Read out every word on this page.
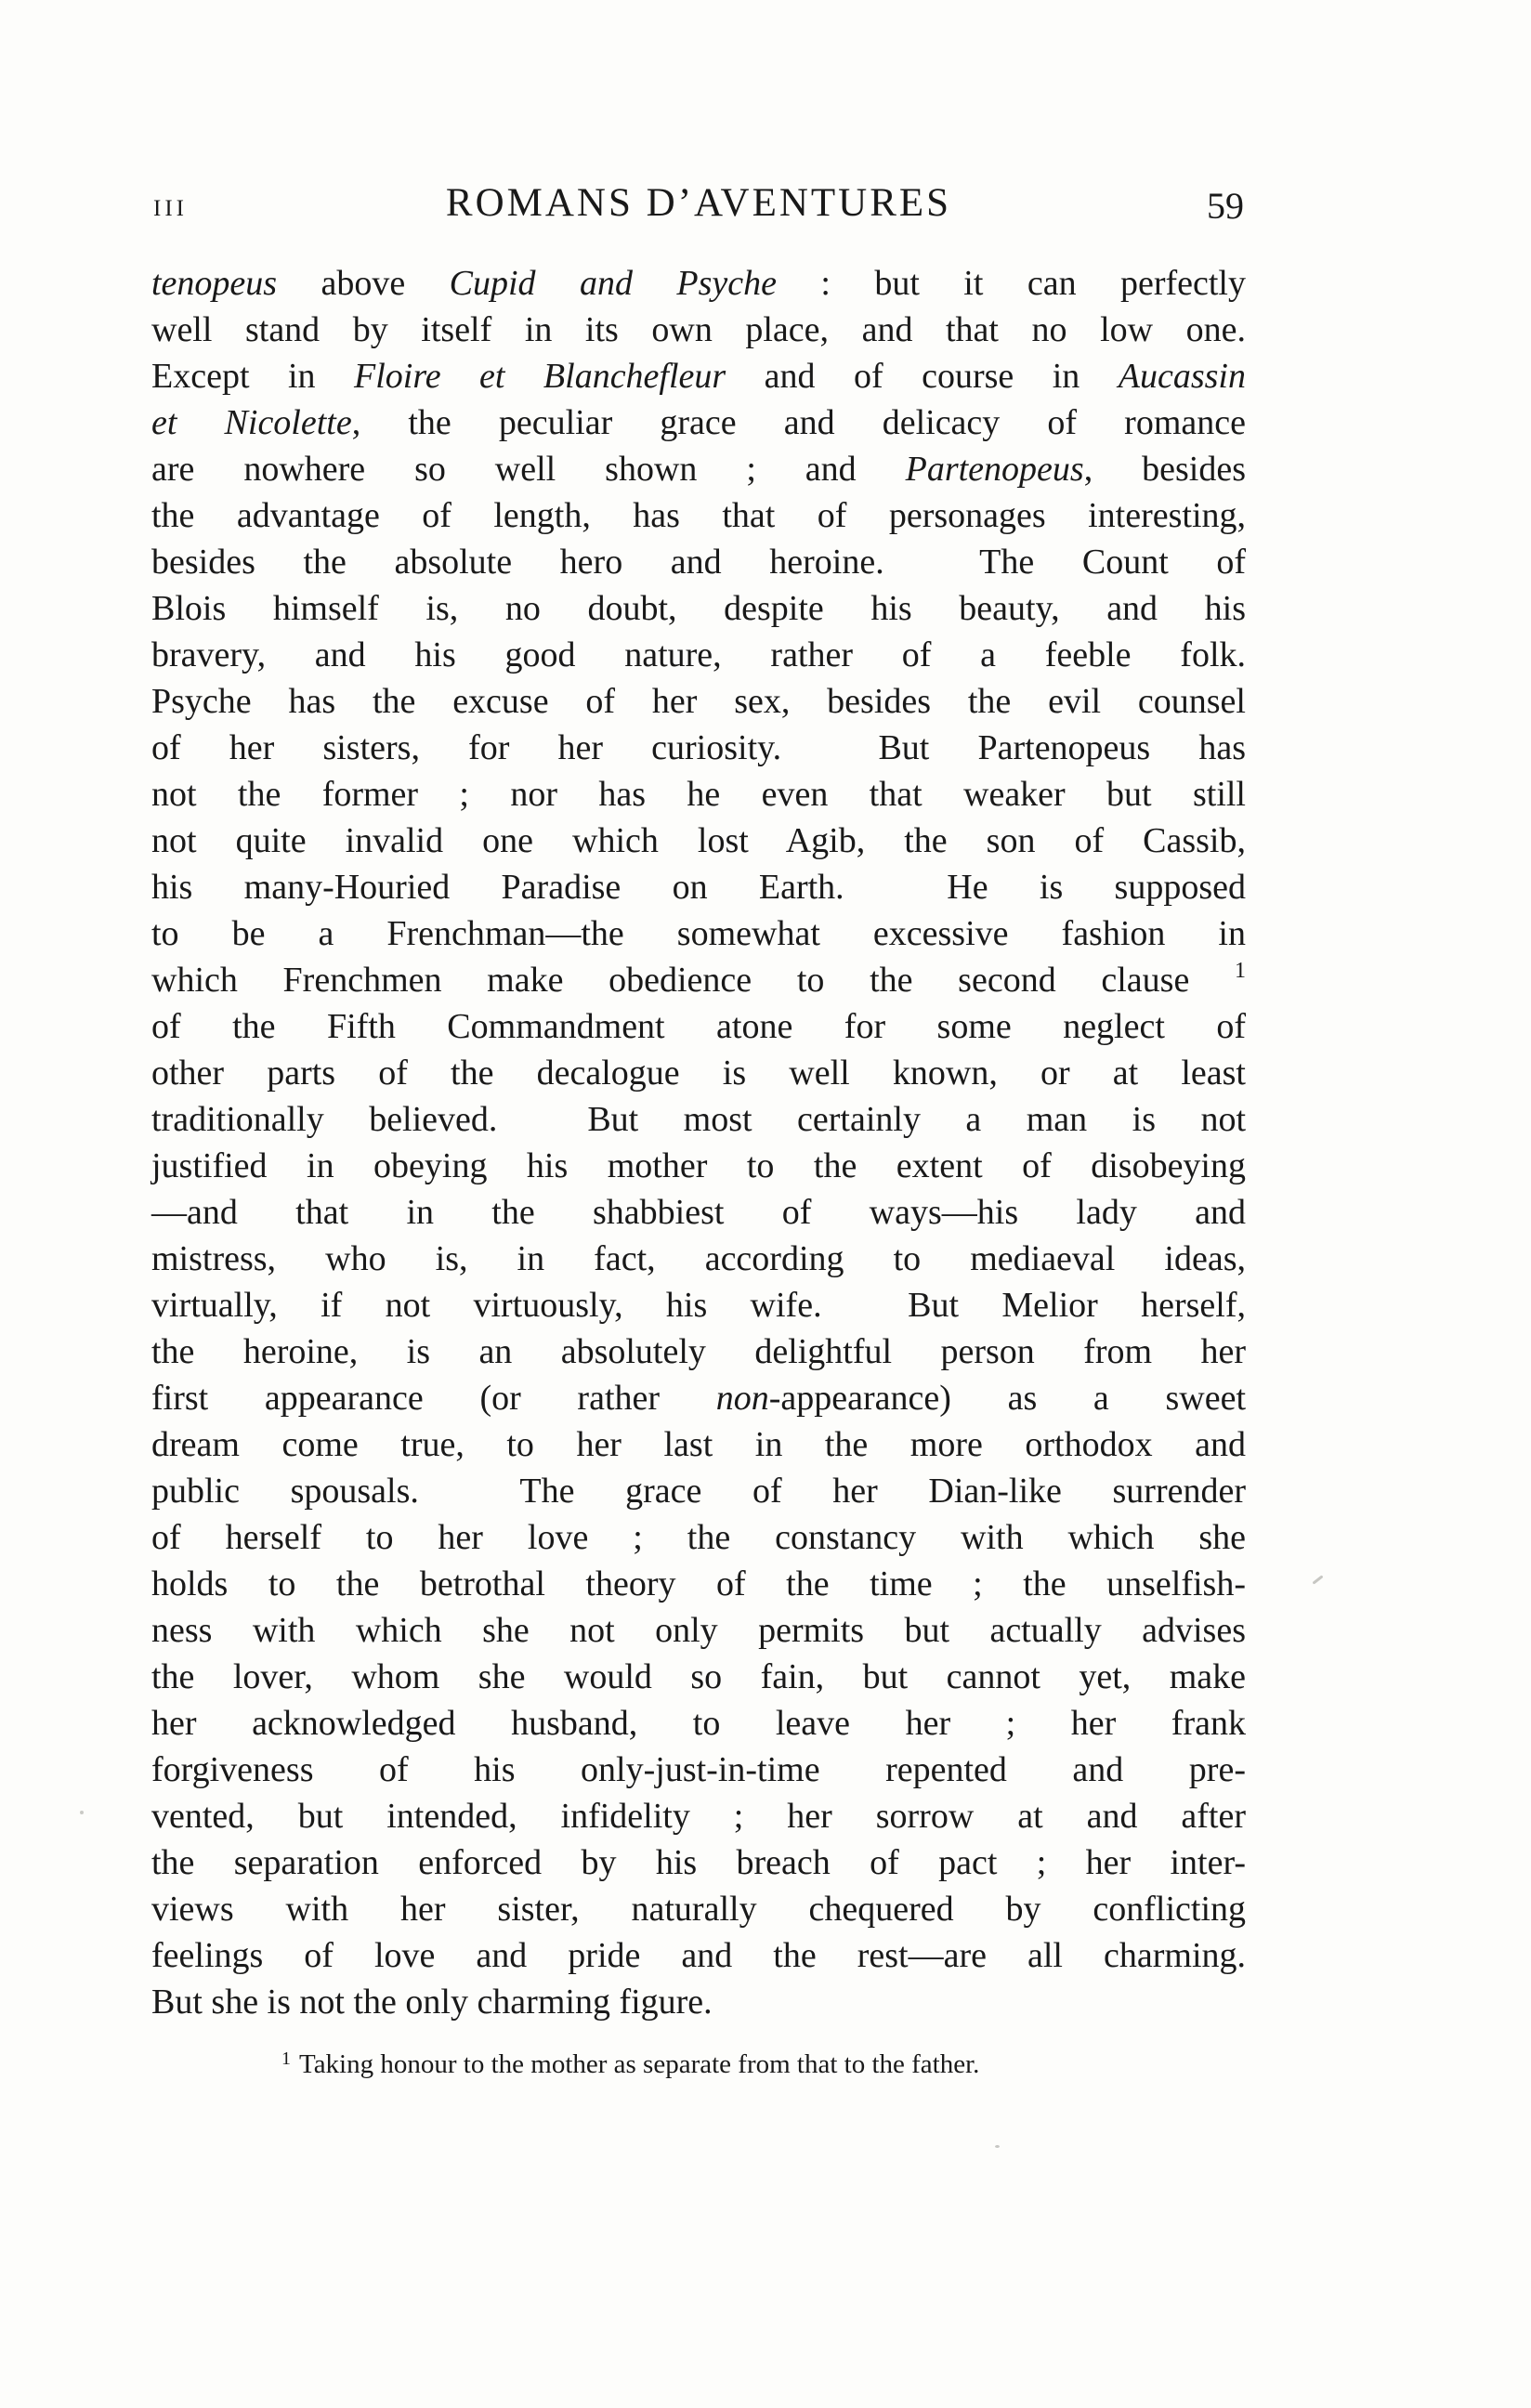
III	ROMANS D’AVENTURES	59
tenopeus above Cupid and Psyche : but it can perfectly
well stand by itself in its own place, and that no low one.
Except in Floire et Blanchefleur and of course in Aucassin
et Nicolette, the peculiar grace and delicacy of romance
are nowhere so well shown ; and Partenopeus, besides
the advantage of length, has that of personages interesting,
besides the absolute hero and heroine.  The Count of
Blois himself is, no doubt, despite his beauty, and his
bravery, and his good nature, rather of a feeble folk.
Psyche has the excuse of her sex, besides the evil counsel
of her sisters, for her curiosity.  But Partenopeus has
not the former ; nor has he even that weaker but still
not quite invalid one which lost Agib, the son of Cassib,
his many-Houried Paradise on Earth.  He is supposed
to be a Frenchman—the somewhat excessive fashion in
which Frenchmen make obedience to the second clause $^1$
of the Fifth Commandment atone for some neglect of
other parts of the decalogue is well known, or at least
traditionally believed.  But most certainly a man is not
justified in obeying his mother to the extent of disobeying
—and that in the shabbiest of ways—his lady and
mistress, who is, in fact, according to mediaeval ideas,
virtually, if not virtuously, his wife.  But Melior herself,
the heroine, is an absolutely delightful person from her
first appearance (or rather non-appearance) as a sweet
dream come true, to her last in the more orthodox and
public spousals.  The grace of her Dian-like surrender
of herself to her love ; the constancy with which she
holds to the betrothal theory of the time ; the unselfish-
ness with which she not only permits but actually advises
the lover, whom she would so fain, but cannot yet, make
her acknowledged husband, to leave her ; her frank
forgiveness of his only-just-in-time repented and pre-
vented, but intended, infidelity ; her sorrow at and after
the separation enforced by his breach of pact ; her inter-
views with her sister, naturally chequered by conflicting
feelings of love and pride and the rest—are all charming.
But she is not the only charming figure.
$^1$ Taking honour to the mother as separate from that to the father.
